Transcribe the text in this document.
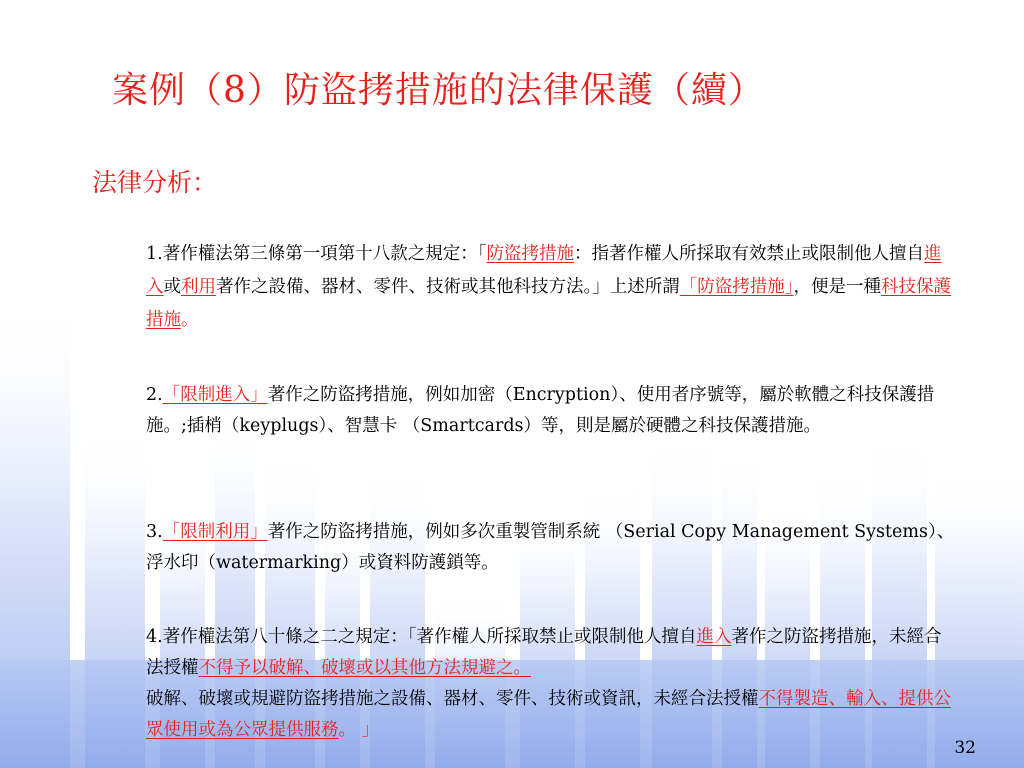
案例（8）防盜拷措施的法律保護（續）
法律分析：
1.著作權法第三條第一項第十八款之規定：「防盜拷措施：指著作權人所採取有效禁止或限制他人擅自進入或利用著作之設備、器材、零件、技術或其他科技方法。」上述所謂「防盜拷措施」，便是一種科技保護措施。
2.「限制進入」著作之防盜拷措施，例如加密（Encryption）、使用者序號等，屬於軟體之科技保護措施。;插梢（keyplugs）、智慧卡 （Smartcards）等，則是屬於硬體之科技保護措施。
3.「限制利用」著作之防盜拷措施，例如多次重製管制系統 （Serial Copy Management Systems）、浮水印（watermarking）或資料防護鎖等。
4.著作權法第八十條之二之規定：「著作權人所採取禁止或限制他人擅自進入著作之防盜拷措施，未經合法授權不得予以破解、破壞或以其他方法規避之。
破解、破壞或規避防盜拷措施之設備、器材、零件、技術或資訊，未經合法授權不得製造、輸入、提供公眾使用或為公眾提供服務。 」
32
